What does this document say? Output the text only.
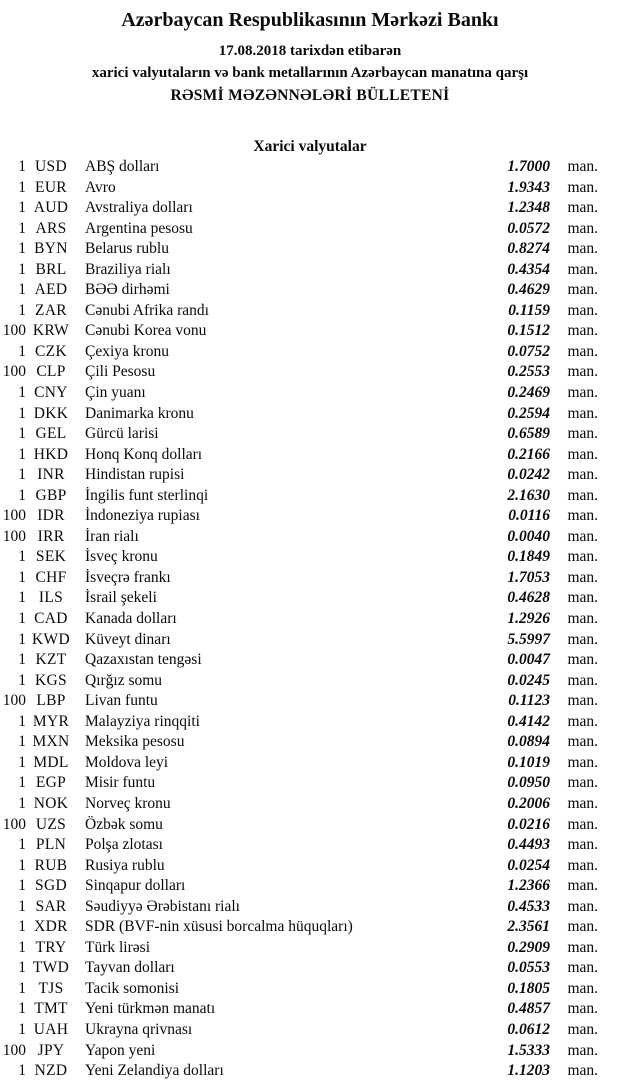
Azərbaycan Respublikasının Mərkəzi Bankı
17.08.2018 tarixdən etibarən
xarici valyutaların və bank metallarının Azərbaycan manatına qarşı
RƏSMİ MƏZƏNNƏLƏRİ BÜLLETENİ
Xarici valyutalar
1 USD	ABŞ dolları	1.7000	man.
1 EUR	Avro	1.9343	man.
1 AUD	Avstraliya dolları	1.2348	man.
1 ARS	Argentina pesosu	0.0572	man.
1 BYN	Belarus rublu	0.8274	man.
1 BRL	Braziliya rialı	0.4354	man.
1 AED	BƏƏ dirhəmi	0.4629	man.
1 ZAR	Cənubi Afrika randı	0.1159	man.
100 KRW	Cənubi Korea vonu	0.1512	man.
1 CZK	Çexiya kronu	0.0752	man.
100 CLP	Çili Pesosu	0.2553	man.
1 CNY	Çin yuanı	0.2469	man.
1 DKK	Danimarka kronu	0.2594	man.
1 GEL	Gürcü larisi	0.6589	man.
1 HKD	Honq Konq dolları	0.2166	man.
1 INR	Hindistan rupisi	0.0242	man.
1 GBP	İngilis funt sterlinqi	2.1630	man.
100 IDR	İndoneziya rupiası	0.0116	man.
100 IRR	İran rialı	0.0040	man.
1 SEK	İsveç kronu	0.1849	man.
1 CHF	İsveçrə frankı	1.7053	man.
1 ILS	İsrail şekeli	0.4628	man.
1 CAD	Kanada dolları	1.2926	man.
1 KWD Küveyt dinarı	5.5997	man.
1 KZT	Qazaxıstan tengəsi	0.0047	man.
1 KGS	Qırğız somu	0.0245	man.
100 LBP	Livan funtu	0.1123	man.
1 MYR	Malayziya rinqqiti	0.4142	man.
1 MXN Meksika pesosu	0.0894	man.
1 MDL	Moldova leyi	0.1019	man.
1 EGP	Misir funtu	0.0950	man.
1 NOK	Norveç kronu	0.2006	man.
100 UZS	Özbək somu	0.0216	man.
1 PLN	Polşa zlotası	0.4493	man.
1 RUB	Rusiya rublu	0.0254	man.
1 SGD	Sinqapur dolları	1.2366	man.
1 SAR	Səudiyyə Ərəbistanı rialı	0.4533	man.
1 XDR	SDR (BVF-nin xüsusi borcalma hüquqları)	2.3561	man.
1 TRY	Türk lirəsi	0.2909	man.
1 TWD	Tayvan dolları	0.0553	man.
1 TJS	Tacik somonisi	0.1805	man.
1 TMT	Yeni türkmən manatı	0.4857	man.
1 UAH	Ukrayna qrivnası	0.0612	man.
100 JPY	Yapon yeni	1.5333	man.
1 NZD	Yeni Zelandiya dolları	1.1203	man.
